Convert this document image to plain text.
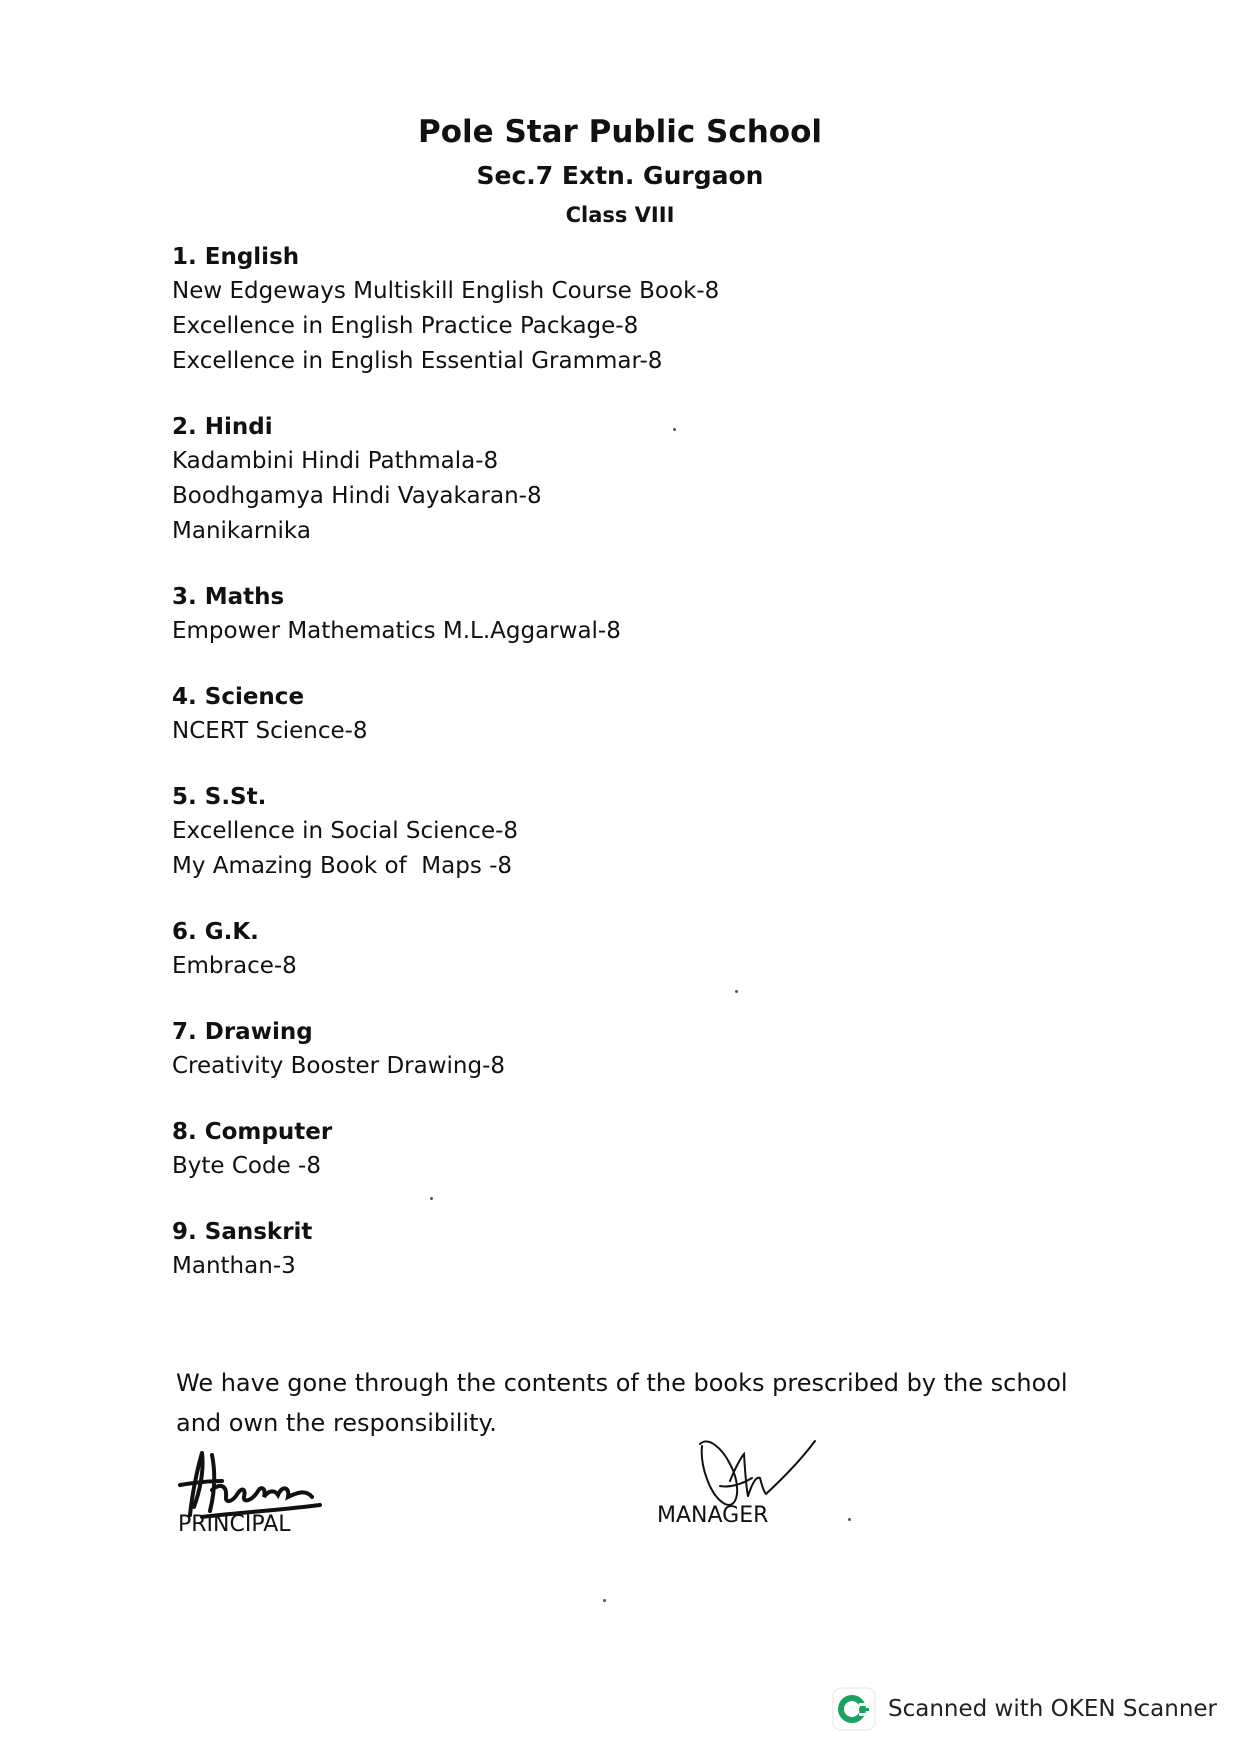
Pole Star Public School
Sec.7 Extn. Gurgaon
Class VIII
1. English
New Edgeways Multiskill English Course Book-8
Excellence in English Practice Package-8
Excellence in English Essential Grammar-8
2. Hindi
Kadambini Hindi Pathmala-8
Boodhgamya Hindi Vayakaran-8
Manikarnika
3. Maths
Empower Mathematics M.L.Aggarwal-8
4. Science
NCERT Science-8
5. S.St.
Excellence in Social Science-8
My Amazing Book of  Maps -8
6. G.K.
Embrace-8
7. Drawing
Creativity Booster Drawing-8
8. Computer
Byte Code -8
9. Sanskrit
Manthan-3
We have gone through the contents of the books prescribed by the school
and own the responsibility.
PRINCIPAL	MANAGER
Scanned with OKEN Scanner
